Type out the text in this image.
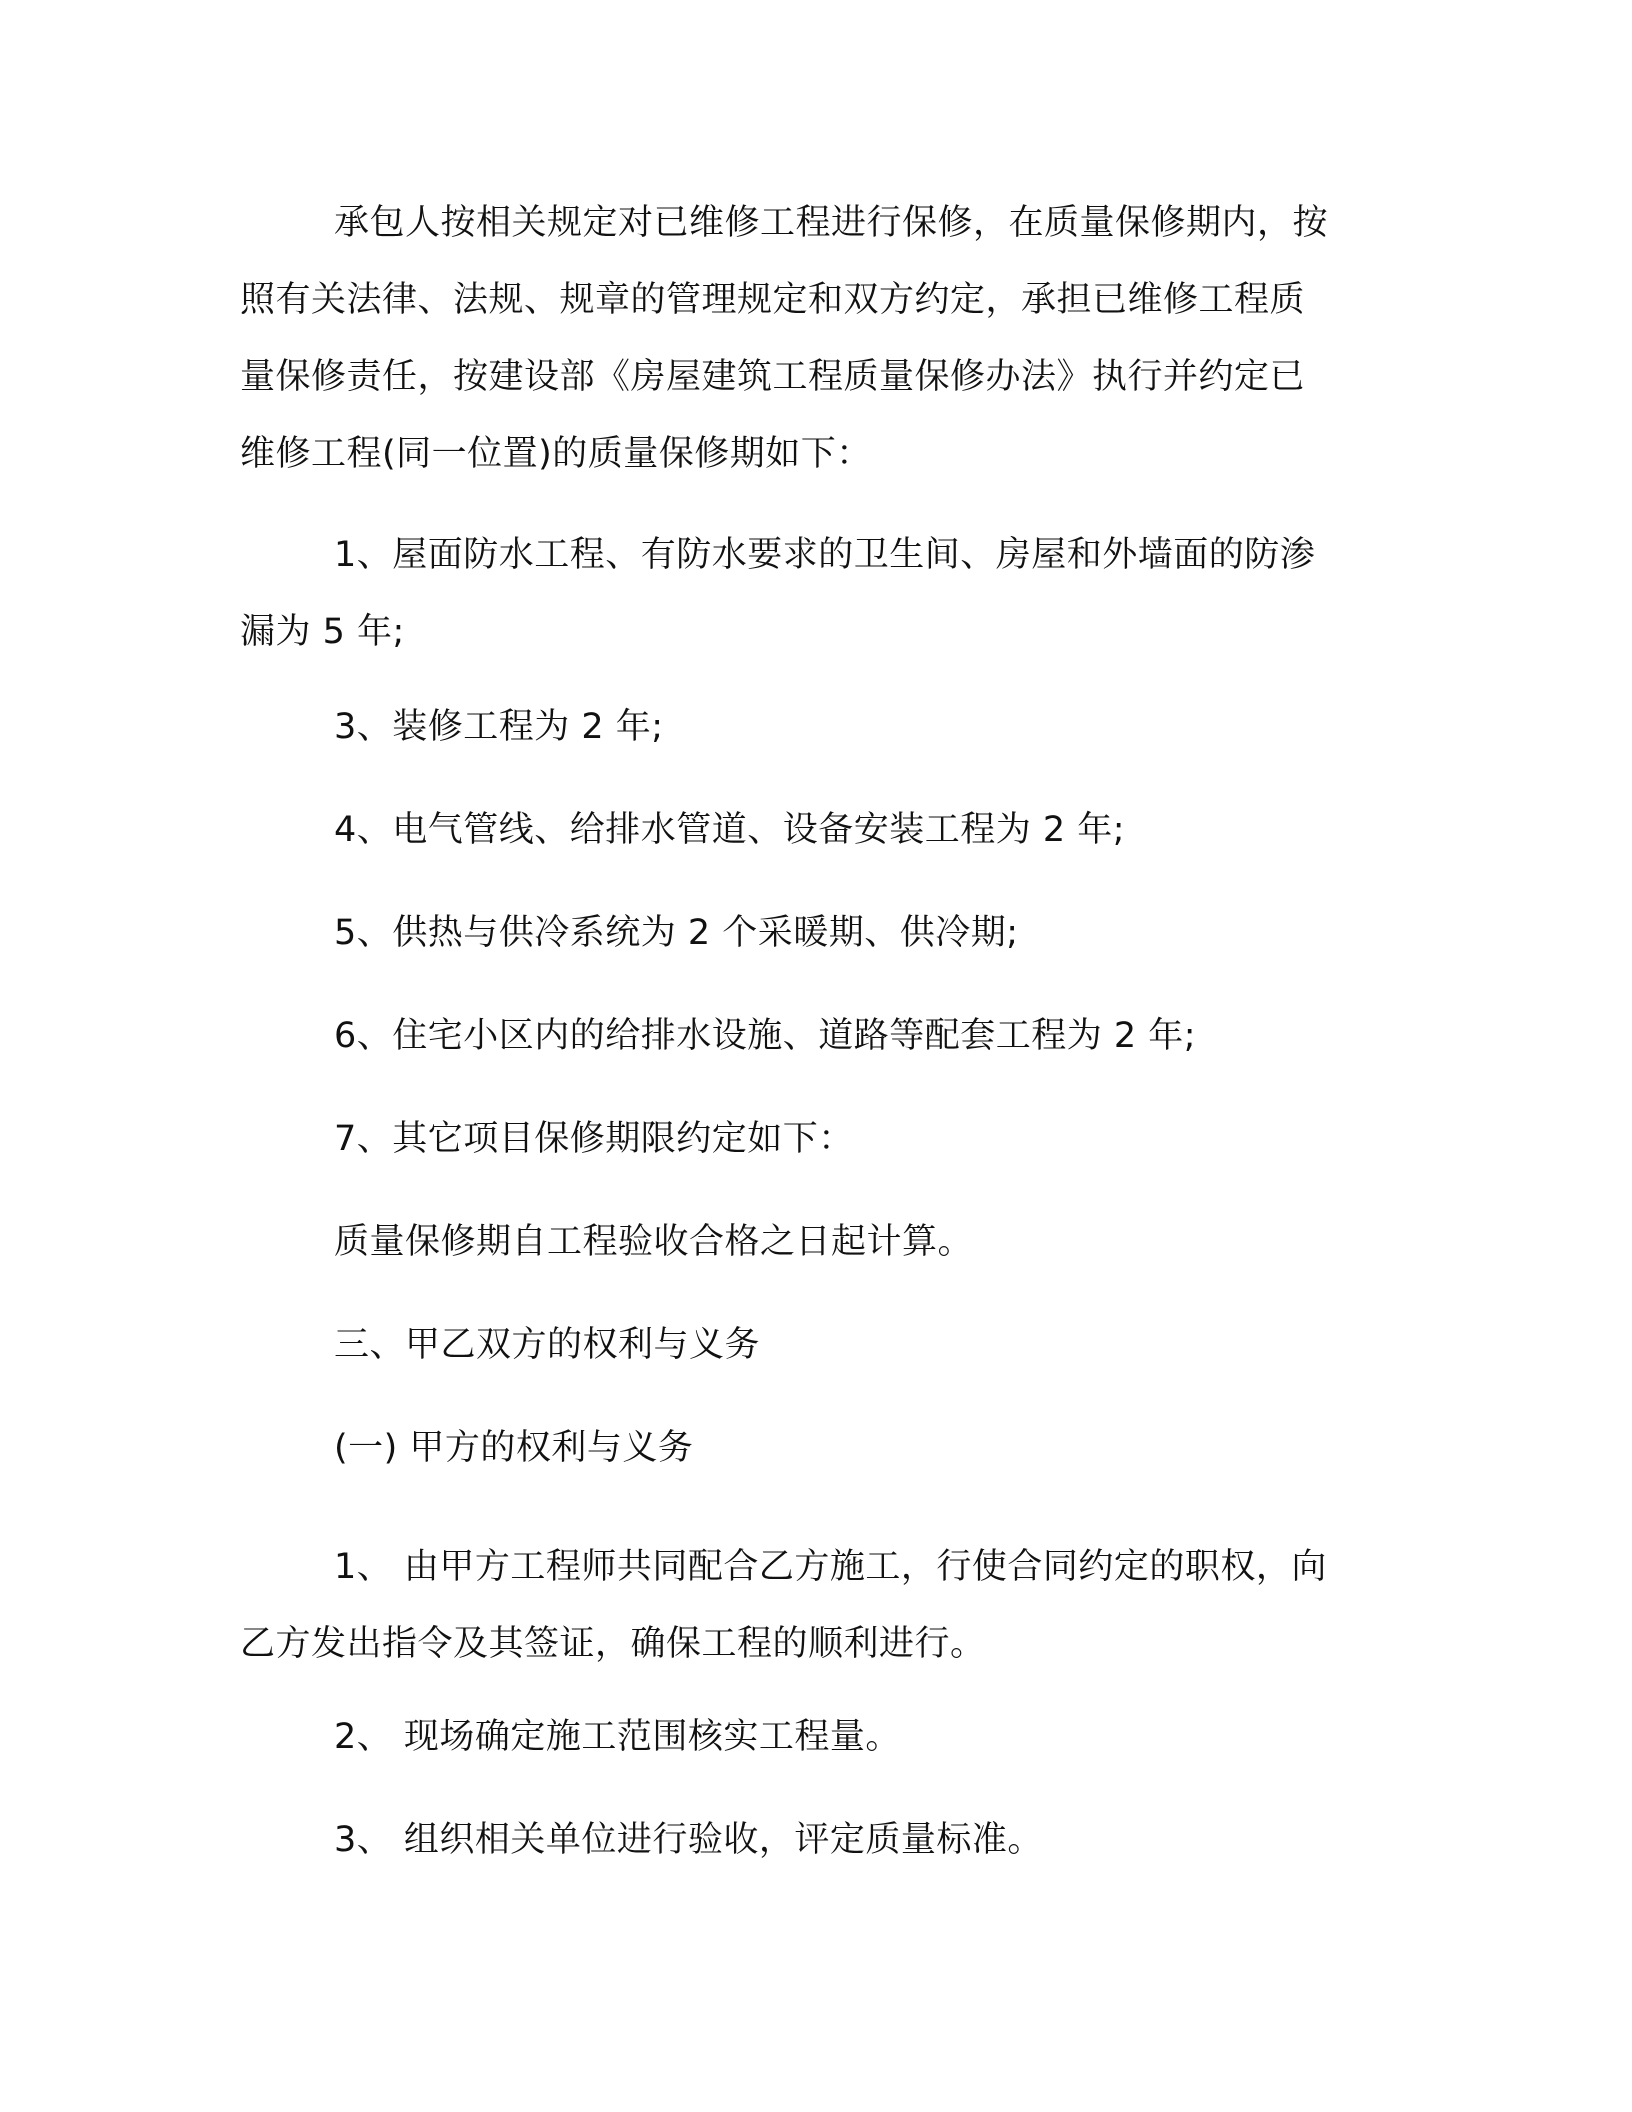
承包人按相关规定对已维修工程进行保修，在质量保修期内，按
照有关法律、法规、规章的管理规定和双方约定，承担已维修工程质
量保修责任，按建设部《房屋建筑工程质量保修办法》执行并约定已
维修工程(同一位置)的质量保修期如下：
1、屋面防水工程、有防水要求的卫生间、房屋和外墙面的防渗
漏为 5 年;

3、装修工程为 2 年;

4、电气管线、给排水管道、设备安装工程为 2 年;

5、供热与供冷系统为 2 个采暖期、供冷期;

6、住宅小区内的给排水设施、道路等配套工程为 2 年;

7、其它项目保修期限约定如下：

质量保修期自工程验收合格之日起计算。

三、甲乙双方的权利与义务

(一) 甲方的权利与义务

1、 由甲方工程师共同配合乙方施工，行使合同约定的职权，向
乙方发出指令及其签证，确保工程的顺利进行。

2、 现场确定施工范围核实工程量。

3、 组织相关单位进行验收，评定质量标准。
